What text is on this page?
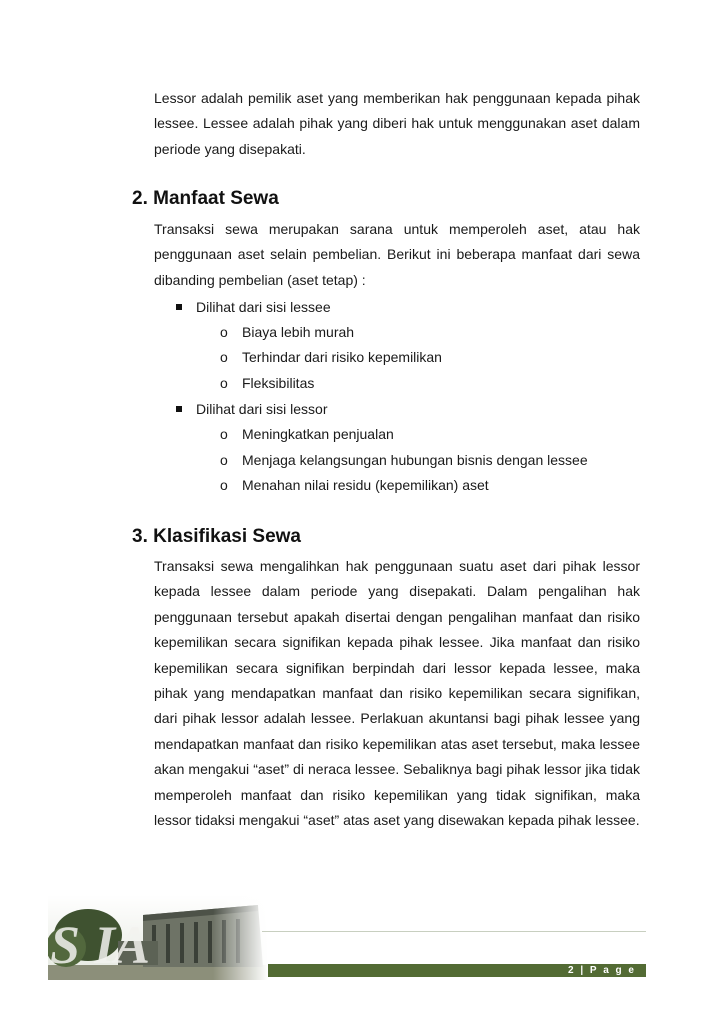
Lessor adalah pemilik aset yang memberikan hak penggunaan kepada pihak lessee. Lessee adalah pihak yang diberi hak untuk menggunakan aset dalam periode yang disepakati.

2. Manfaat Sewa

Transaksi sewa merupakan sarana untuk memperoleh aset, atau hak penggunaan aset selain pembelian. Berikut ini beberapa manfaat dari sewa dibanding pembelian (aset tetap) :

Dilihat dari sisi lessee
o Biaya lebih murah
o Terhindar dari risiko kepemilikan
o Fleksibilitas
Dilihat dari sisi lessor
o Meningkatkan penjualan
o Menjaga kelangsungan hubungan bisnis dengan lessee
o Menahan nilai residu (kepemilikan) aset
3. Klasifikasi Sewa

Transaksi sewa mengalihkan hak penggunaan suatu aset dari pihak lessor kepada lessee dalam periode yang disepakati. Dalam pengalihan hak penggunaan tersebut apakah disertai dengan pengalihan manfaat dan risiko kepemilikan secara signifikan kepada pihak lessee. Jika manfaat dan risiko kepemilikan secara signifikan berpindah dari lessor kepada lessee, maka pihak yang mendapatkan manfaat dan risiko kepemilikan secara signifikan, dari pihak lessor adalah lessee. Perlakuan akuntansi bagi pihak lessee yang mendapatkan manfaat dan risiko kepemilikan atas aset tersebut, maka lessee akan mengakui “aset” di neraca lessee. Sebaliknya bagi pihak lessor jika tidak memperoleh manfaat dan risiko kepemilikan yang tidak signifikan, maka lessor tidaksi mengakui “aset” atas aset yang disewakan kepada pihak lessee.

2 | P a g e
